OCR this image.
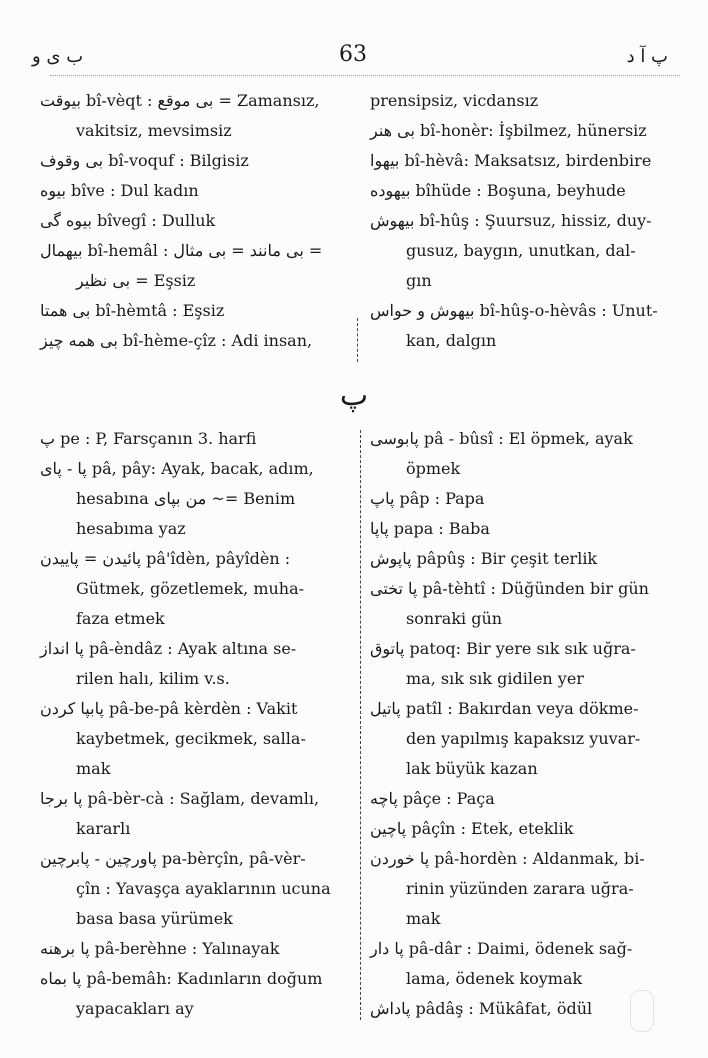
ب ی و	63	پ آ د

بیوقت bî-vèqt : بی موقع = Zamansız,

vakitsiz, mevsimsiz

بی وقوف bî-voquf : Bilgisiz

بیوه bîve : Dul kadın

بیوه گی bîvegî : Dulluk

بیهمال bî-hemâl : بی مانند = بی مثال =

بی نظیر = Eşsiz

بی همتا bî-hèmtâ : Eşsiz

بی همه چیز bî-hème-çîz : Adi insan,

prensipsiz, vicdansız

بی هنر bî-honèr: İşbilmez, hünersiz

بیهوا bî-hèvâ: Maksatsız, birdenbire

بیهوده bîhüde : Boşuna, beyhude

بیهوش bî-hûş : Şuursuz, hissiz, duy-

gusuz, baygın, unutkan, dal-

gın

بیهوش و حواس bî-hûş-o-hèvâs : Unut-

kan, dalgın

پ

پ pe : P, Farsçanın 3. harfi

پا - پای pâ, pây: Ayak, bacak, adım,

hesabına من بپای ~= Benim

hesabıma yaz

پائیدن = پاییدن pâ'îdèn, pâyîdèn :

Gütmek, gözetlemek, muha-

faza etmek

پا انداز pâ-èndâz : Ayak altına se-

rilen halı, kilim v.s.

پابپا کردن pâ-be-pâ kèrdèn : Vakit

kaybetmek, gecikmek, salla-

mak

پا برجا pâ-bèr-cà : Sağlam, devamlı,

kararlı

پاورچین - پابرچین pa-bèrçîn, pâ-vèr-

çîn : Yavaşça ayaklarının ucuna

basa basa yürümek

پا برهنه pâ-berèhne : Yalınayak

پا بماه pâ-bemâh: Kadınların doğum

yapacakları ay

پابوسی pâ - bûsî : El öpmek, ayak

öpmek

پاپ pâp : Papa

پاپا papa : Baba

پاپوش pâpûş : Bir çeşit terlik

پا تختی pâ-tèhtî : Düğünden bir gün

sonraki gün

پاتوق patoq: Bir yere sık sık uğra-

ma, sık sık gidilen yer

پاتیل patîl : Bakırdan veya dökme-

den yapılmış kapaksız yuvar-

lak büyük kazan

پاچه pâçe : Paça

پاچین pâçîn : Etek, eteklik

پا خوردن pâ-hordèn : Aldanmak, bi-

rinin yüzünden zarara uğra-

mak

پا دار pâ-dâr : Daimi, ödenek sağ-

lama, ödenek koymak

پاداش pâdâş : Mükâfat, ödül
